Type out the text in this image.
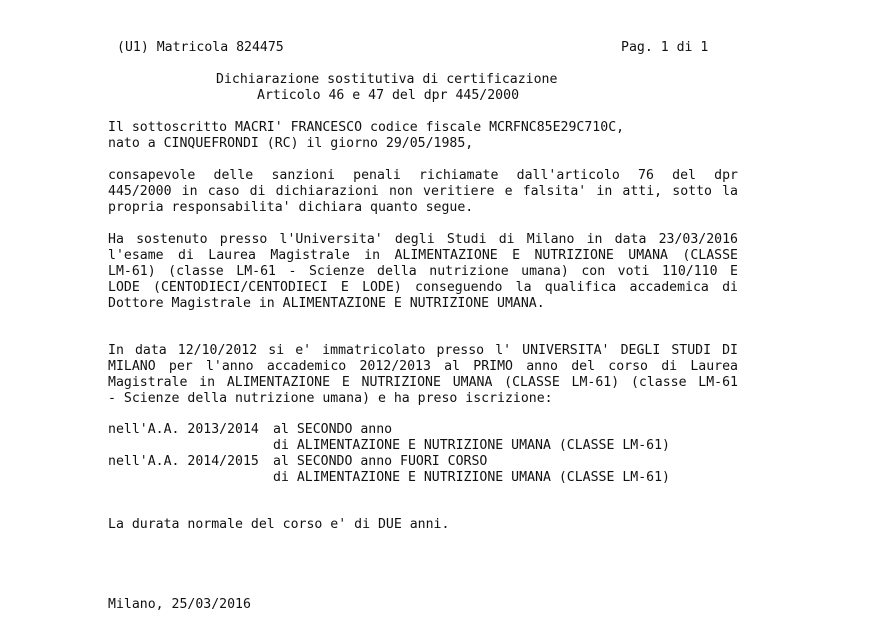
(U1) Matricola 824475	Pag. 1 di 1
Dichiarazione sostitutiva di certificazione
Articolo 46 e 47 del dpr 445/2000
Il sottoscritto MACRI' FRANCESCO codice fiscale MCRFNC85E29C710C,
nato a CINQUEFRONDI (RC) il giorno 29/05/1985,
consapevole delle sanzioni penali richiamate dall'articolo 76 del dpr
445/2000 in caso di dichiarazioni non veritiere e falsita' in atti, sotto la
propria responsabilita' dichiara quanto segue.
Ha sostenuto presso l'Universita' degli Studi di Milano in data 23/03/2016
l'esame di Laurea Magistrale in ALIMENTAZIONE E NUTRIZIONE UMANA (CLASSE
LM-61) (classe LM-61 - Scienze della nutrizione umana) con voti 110/110 E
LODE (CENTODIECI/CENTODIECI E LODE) conseguendo la qualifica accademica di
Dottore Magistrale in ALIMENTAZIONE E NUTRIZIONE UMANA.
In data 12/10/2012 si e' immatricolato presso l' UNIVERSITA' DEGLI STUDI DI
MILANO per l'anno accademico 2012/2013 al PRIMO anno del corso di Laurea
Magistrale in ALIMENTAZIONE E NUTRIZIONE UMANA (CLASSE LM-61) (classe LM-61
- Scienze della nutrizione umana) e ha preso iscrizione:
nell'A.A. 2013/2014 al SECONDO anno
di ALIMENTAZIONE E NUTRIZIONE UMANA (CLASSE LM-61)
nell'A.A. 2014/2015 al SECONDO anno FUORI CORSO
di ALIMENTAZIONE E NUTRIZIONE UMANA (CLASSE LM-61)
La durata normale del corso e' di DUE anni.
Milano, 25/03/2016
